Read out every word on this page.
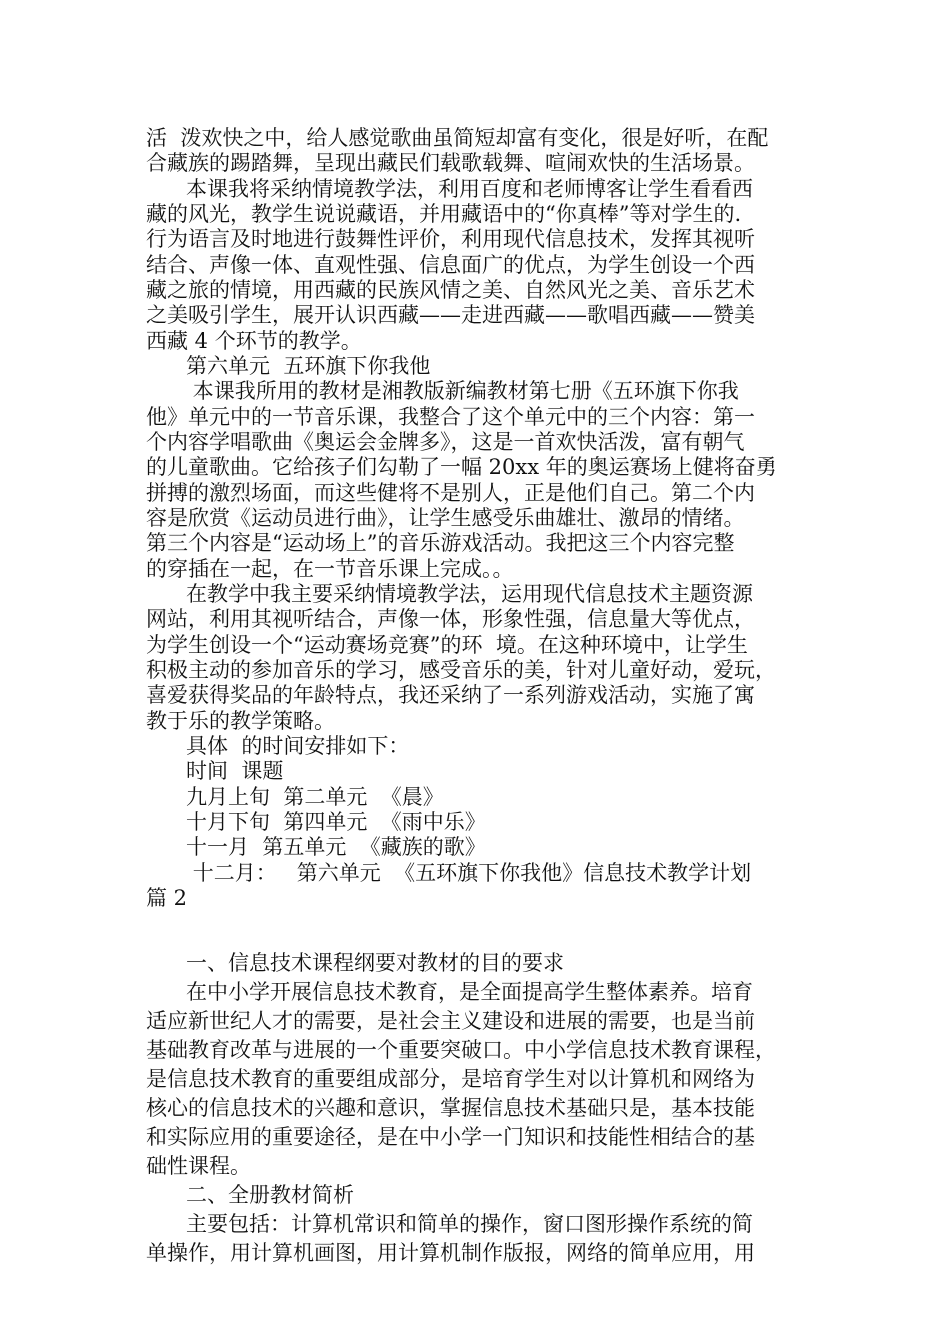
活  泼欢快之中，给人感觉歌曲虽简短却富有变化，很是好听，在配
合藏族的踢踏舞，呈现出藏民们载歌载舞、喧闹欢快的生活场景。
本课我将采纳情境教学法，利用百度和老师博客让学生看看西
藏的风光，教学生说说藏语，并用藏语中的“你真棒”等对学生的.
行为语言及时地进行鼓舞性评价，利用现代信息技术，发挥其视听
结合、声像一体、直观性强、信息面广的优点，为学生创设一个西
藏之旅的情境，用西藏的民族风情之美、自然风光之美、音乐艺术
之美吸引学生，展开认识西藏——走进西藏——歌唱西藏——赞美
西藏 4 个环节的教学。
第六单元  五环旗下你我他
本课我所用的教材是湘教版新编教材第七册《五环旗下你我
他》单元中的一节音乐课，我整合了这个单元中的三个内容：第一
个内容学唱歌曲《奥运会金牌多》，这是一首欢快活泼，富有朝气
的儿童歌曲。它给孩子们勾勒了一幅 20xx 年的奥运赛场上健将奋勇
拼搏的激烈场面，而这些健将不是别人，正是他们自己。第二个内
容是欣赏《运动员进行曲》，让学生感受乐曲雄壮、激昂的情绪。
第三个内容是“运动场上”的音乐游戏活动。我把这三个内容完整
的穿插在一起，在一节音乐课上完成。。
在教学中我主要采纳情境教学法，运用现代信息技术主题资源
网站，利用其视听结合，声像一体，形象性强，信息量大等优点，
为学生创设一个“运动赛场竞赛”的环  境。在这种环境中，让学生
积极主动的参加音乐的学习，感受音乐的美，针对儿童好动，爱玩，
喜爱获得奖品的年龄特点，我还采纳了一系列游戏活动，实施了寓
教于乐的教学策略。
具体  的时间安排如下：
时间  课题
九月上旬  第二单元  《晨》
十月下旬  第四单元  《雨中乐》
十一月  第五单元  《藏族的歌》
十二月：   第六单元  《五环旗下你我他》信息技术教学计划
篇 2
一、信息技术课程纲要对教材的目的要求
在中小学开展信息技术教育，是全面提高学生整体素养。培育
适应新世纪人才的需要，是社会主义建设和进展的需要，也是当前
基础教育改革与进展的一个重要突破口。中小学信息技术教育课程，
是信息技术教育的重要组成部分，是培育学生对以计算机和网络为
核心的信息技术的兴趣和意识，掌握信息技术基础只是，基本技能
和实际应用的重要途径，是在中小学一门知识和技能性相结合的基
础性课程。
二、全册教材简析
主要包括：计算机常识和简单的操作，窗口图形操作系统的简
单操作，用计算机画图，用计算机制作版报，网络的简单应用，用
